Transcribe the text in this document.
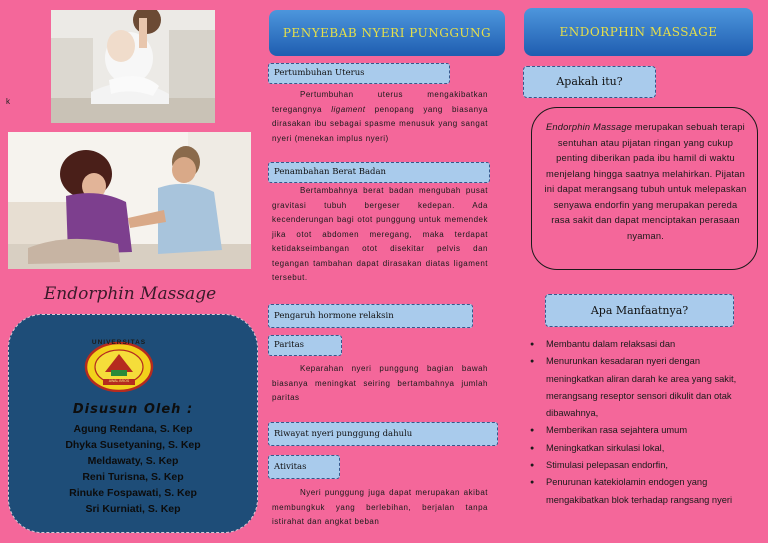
k
Endorphin Massage
UNIVERSITAS
AWAL BROS
Disusun Oleh :
Agung Rendana, S. Kep
Dhyka Susetyaning, S. Kep
Meldawaty, S. Kep
Reni Turisna, S. Kep
Rinuke Fospawati, S. Kep
Sri Kurniati, S. Kep
PENYEBAB NYERI PUNGGUNG
Pertumbuhan Uterus
Pertumbuhan uterus mengakibatkan teregangnya ligament penopang yang biasanya dirasakan ibu sebagai spasme menusuk yang sangat nyeri (menekan implus nyeri)
Penambahan Berat Badan
Bertambahnya berat badan mengubah pusat gravitasi tubuh bergeser kedepan. Ada kecenderungan bagi otot punggung untuk memendek jika otot abdomen meregang, maka terdapat ketidakseimbangan otot disekitar pelvis dan tegangan tambahan dapat dirasakan diatas ligament tersebut.
Pengaruh hormone relaksin
Paritas
Keparahan nyeri punggung bagian bawah biasanya meningkat seiring bertambahnya jumlah paritas
Riwayat nyeri punggung dahulu
Ativitas
Nyeri punggung juga dapat merupakan akibat membungkuk yang berlebihan, berjalan tanpa istirahat dan angkat beban
ENDORPHIN MASSAGE
Apakah itu?
Endorphin Massage merupakan sebuah terapi sentuhan atau pijatan ringan yang cukup penting diberikan pada ibu hamil di waktu menjelang hingga saatnya melahirkan. Pijatan ini dapat merangsang tubuh untuk melepaskan senyawa endorfin yang merupakan pereda rasa sakit dan dapat menciptakan perasaan nyaman.
Apa Manfaatnya?
● Membantu dalam relaksasi dan
● Menurunkan kesadaran nyeri dengan meningkatkan aliran darah ke area yang sakit, merangsang reseptor sensori dikulit dan otak dibawahnya,
● Memberikan rasa sejahtera umum
● Meningkatkan sirkulasi lokal,
● Stimulasi pelepasan endorfin,
● Penurunan katekiolamin endogen yang mengakibatkan blok terhadap rangsang nyeri
